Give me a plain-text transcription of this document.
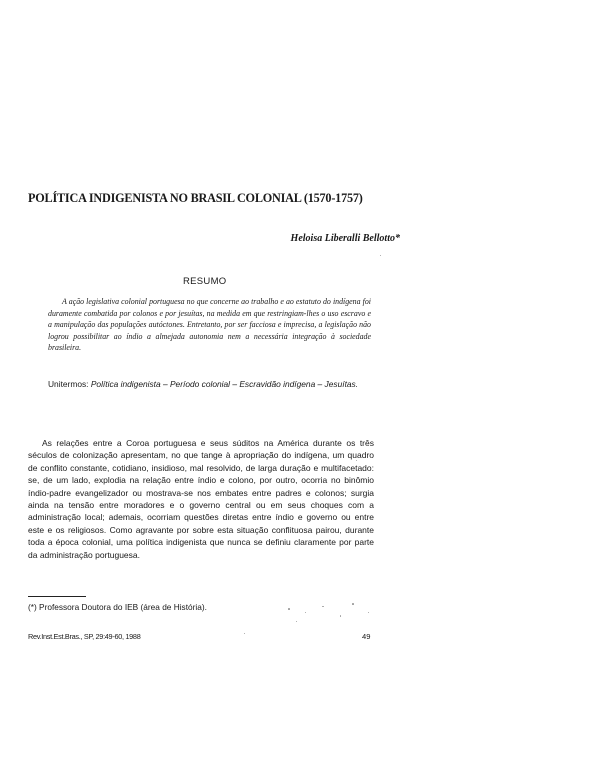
POLÍTICA INDIGENISTA NO BRASIL COLONIAL (1570-1757)
Heloisa Liberalli Bellotto*
RESUMO

A ação legislativa colonial portuguesa no que concerne ao trabalho e ao estatuto do indígena foi duramente combatida por colonos e por jesuítas, na medida em que restringiam-lhes o uso escravo e a manipulação das populações autóctones. Entretanto, por ser facciosa e imprecisa, a legislação não logrou possibilitar ao índio a almejada autonomia nem a necessária integração à sociedade brasileira.

Unitermos: Política indigenista – Período colonial – Escravidão indígena – Jesuítas.

As relações entre a Coroa portuguesa e seus súditos na América durante os três séculos de colonização apresentam, no que tange à apropriação do indígena, um quadro de conflito constante, cotidiano, insidioso, mal resolvido, de larga duração e multifacetado: se, de um lado, explodia na relação entre índio e colono, por outro, ocorria no binômio índio-padre evangelizador ou mostrava-se nos embates entre padres e colonos; surgia ainda na tensão entre moradores e o governo central ou em seus choques com a administração local; ademais, ocorriam questões diretas entre índio e governo ou entre este e os religiosos. Como agravante por sobre esta situação conflituosa pairou, durante toda a época colonial, uma política indigenista que nunca se definiu claramente por parte da administração portuguesa.

(*) Professora Doutora do IEB (área de História).
Rev.Inst.Est.Bras., SP, 29:49-60, 1988	49
